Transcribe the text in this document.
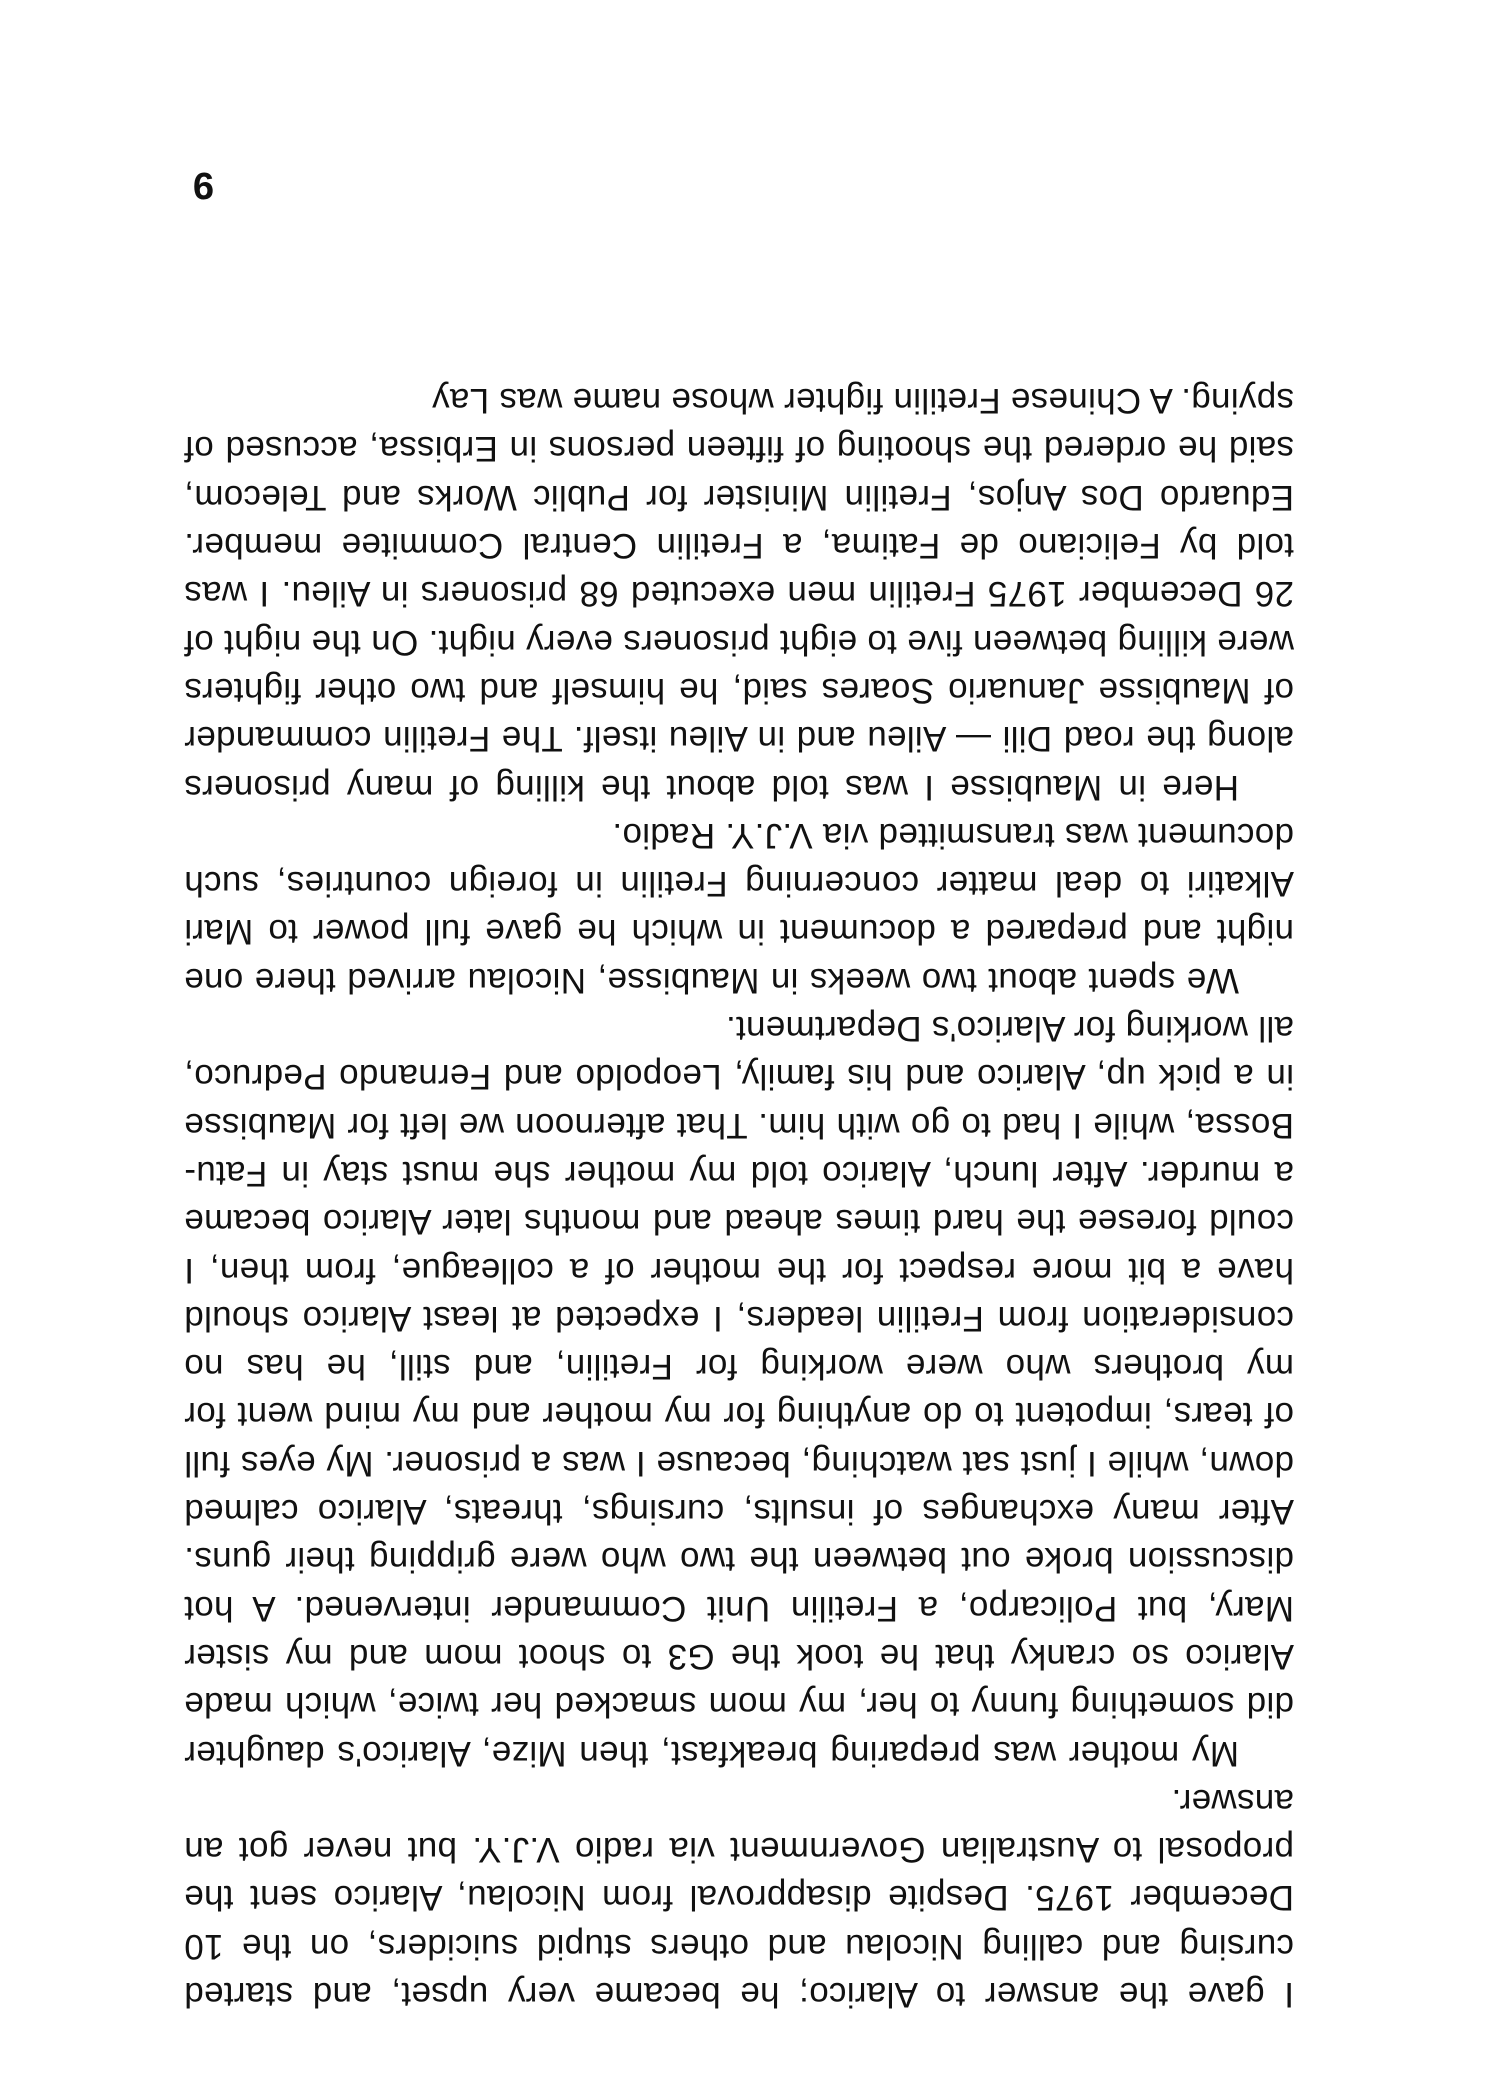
I gave the answer to Alarico; he became very upset, and started cursing and calling Nicolau and others stupid suiciders, on the 10 December 1975. Despite disapproval from Nicolau, Alarico sent the proposal to Australian Government via radio V.J.Y. but never got an answer.

My mother was preparing breakfast, then Mize, Alarico's daughter did something funny to her, my mom smacked her twice, which made Alarico so cranky that he took the G3 to shoot mom and my sister Mary, but Policarpo, a Fretilin Unit Commander intervened. A hot discussion broke out between the two who were gripping their guns. After many exchanges of insults, cursings, threats, Alarico calmed down, while I just sat watching, because I was a prisoner. My eyes full of tears, impotent to do anything for my mother and my mind went for my brothers who were working for Fretilin, and still, he has no consideration from Fretilin leaders, I expected at least Alarico should have a bit more respect for the mother of a colleague, from then, I could foresee the hard times ahead and months later Alarico became a murder. After lunch, Alarico told my mother she must stay in Fatu-Bossa, while I had to go with him. That afternoon we left for Maubisse in a pick up, Alarico and his family, Leopoldo and Fernando Pedruco, all working for Alarico's Department.

We spent about two weeks in Maubisse, Nicolau arrived there one night and prepared a document in which he gave full power to Mari Alkatiri to deal matter concerning Fretilin in foreign countries, such document was transmitted via V.J.Y. Radio.

Here in Maubisse I was told about the killing of many prisoners along the road Dili — Aileu and in Aileu itself. The Fretilin commander of Maubisse Januario Soares said, he himself and two other fighters were killing between five to eight prisoners every night. On the night of 26 December 1975 Fretilin men executed 68 prisoners in Aileu. I was told by Feliciano de Fatima, a Fretilin Central Commitee member. Eduardo Dos Anjos, Fretilin Minister for Public Works and Telecom, said he ordered the shooting of fifteen persons in Erbissa, accused of spying. A Chinese Fretilin fighter whose name was Lay

9
